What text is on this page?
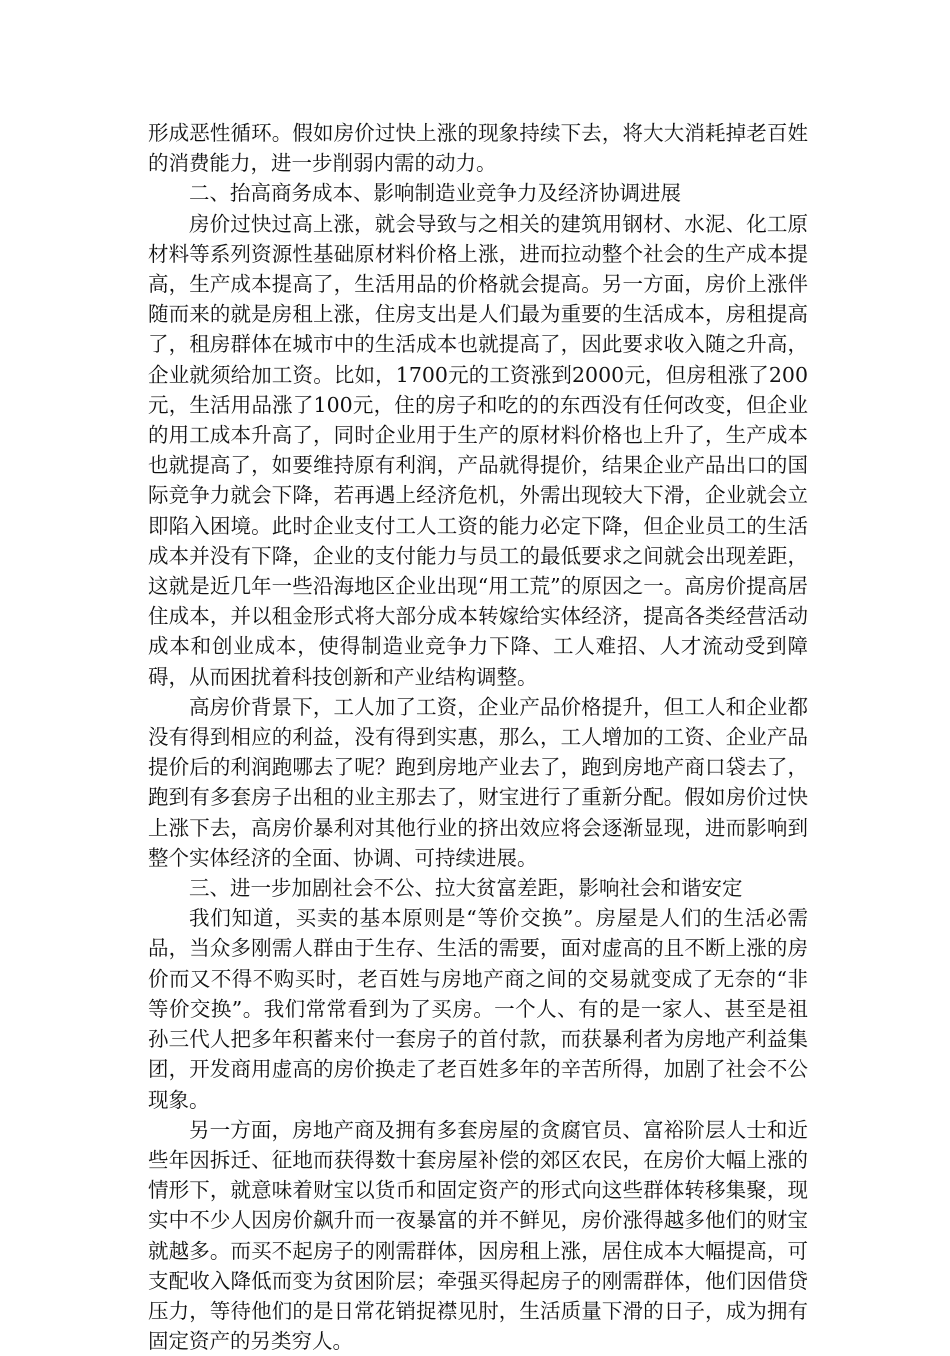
形成恶性循环。假如房价过快上涨的现象持续下去，将大大消耗掉老百姓的消费能力，进一步削弱内需的动力。

二、抬高商务成本、影响制造业竞争力及经济协调进展

房价过快过高上涨，就会导致与之相关的建筑用钢材、水泥、化工原材料等系列资源性基础原材料价格上涨，进而拉动整个社会的生产成本提高，生产成本提高了，生活用品的价格就会提高。另一方面，房价上涨伴随而来的就是房租上涨，住房支出是人们最为重要的生活成本，房租提高了，租房群体在城市中的生活成本也就提高了，因此要求收入随之升高，企业就须给加工资。比如，1700元的工资涨到2000元，但房租涨了200元，生活用品涨了100元，住的房子和吃的的东西没有任何改变，但企业的用工成本升高了，同时企业用于生产的原材料价格也上升了，生产成本也就提高了，如要维持原有利润，产品就得提价，结果企业产品出口的国际竞争力就会下降，若再遇上经济危机，外需出现较大下滑，企业就会立即陷入困境。此时企业支付工人工资的能力必定下降，但企业员工的生活成本并没有下降，企业的支付能力与员工的最低要求之间就会出现差距，这就是近几年一些沿海地区企业出现“用工荒”的原因之一。高房价提高居住成本，并以租金形式将大部分成本转嫁给实体经济，提高各类经营活动成本和创业成本，使得制造业竞争力下降、工人难招、人才流动受到障碍，从而困扰着科技创新和产业结构调整。

高房价背景下，工人加了工资，企业产品价格提升，但工人和企业都没有得到相应的利益，没有得到实惠，那么，工人增加的工资、企业产品提价后的利润跑哪去了呢？跑到房地产业去了，跑到房地产商口袋去了，跑到有多套房子出租的业主那去了，财宝进行了重新分配。假如房价过快上涨下去，高房价暴利对其他行业的挤出效应将会逐渐显现，进而影响到整个实体经济的全面、协调、可持续进展。

三、进一步加剧社会不公、拉大贫富差距，影响社会和谐安定

我们知道，买卖的基本原则是“等价交换”。房屋是人们的生活必需品，当众多刚需人群由于生存、生活的需要，面对虚高的且不断上涨的房价而又不得不购买时，老百姓与房地产商之间的交易就变成了无奈的“非等价交换”。我们常常看到为了买房。一个人、有的是一家人、甚至是祖孙三代人把多年积蓄来付一套房子的首付款，而获暴利者为房地产利益集团，开发商用虚高的房价换走了老百姓多年的辛苦所得，加剧了社会不公现象。

另一方面，房地产商及拥有多套房屋的贪腐官员、富裕阶层人士和近些年因拆迁、征地而获得数十套房屋补偿的郊区农民，在房价大幅上涨的情形下，就意味着财宝以货币和固定资产的形式向这些群体转移集聚，现实中不少人因房价飙升而一夜暴富的并不鲜见，房价涨得越多他们的财宝就越多。而买不起房子的刚需群体，因房租上涨，居住成本大幅提高，可支配收入降低而变为贫困阶层；牵强买得起房子的刚需群体，他们因借贷压力，等待他们的是日常花销捉襟见肘，生活质量下滑的日子，成为拥有固定资产的另类穷人。
